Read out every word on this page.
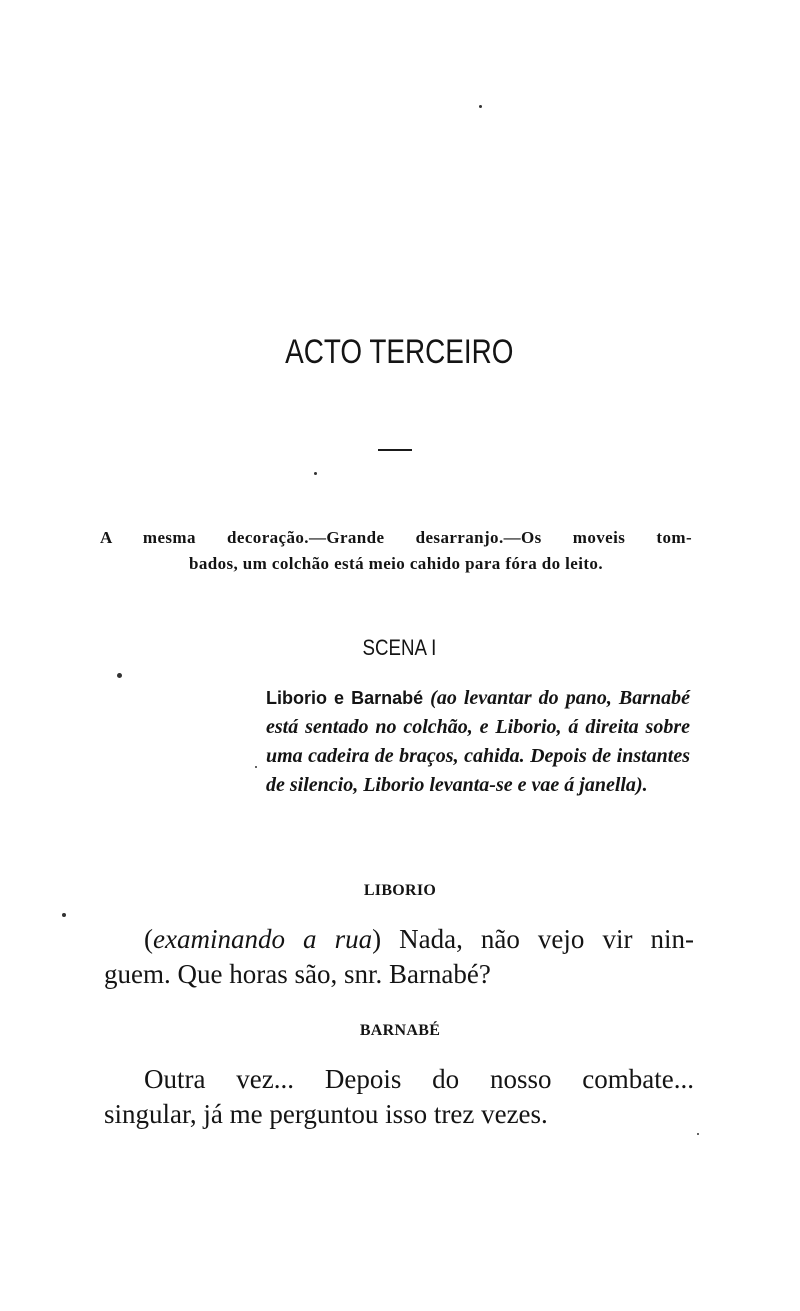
ACTO TERCEIRO
A mesma decoração.—Grande desarranjo.—Os moveis tom-
bados, um colchão está meio cahido para fóra do leito.
SCENA I
Liborio e Barnabé (ao levantar do pano, Barnabé está sentado no colchão, e Liborio, á direita sobre uma cadeira de braços, cahida. Depois de instantes de silencio, Liborio levanta-se e vae á janella).
LIBORIO
(examinando a rua) Nada, não vejo vir nin-
guem. Que horas são, snr. Barnabé?
BARNABÉ
Outra vez... Depois do nosso combate...
singular, já me perguntou isso trez vezes.
